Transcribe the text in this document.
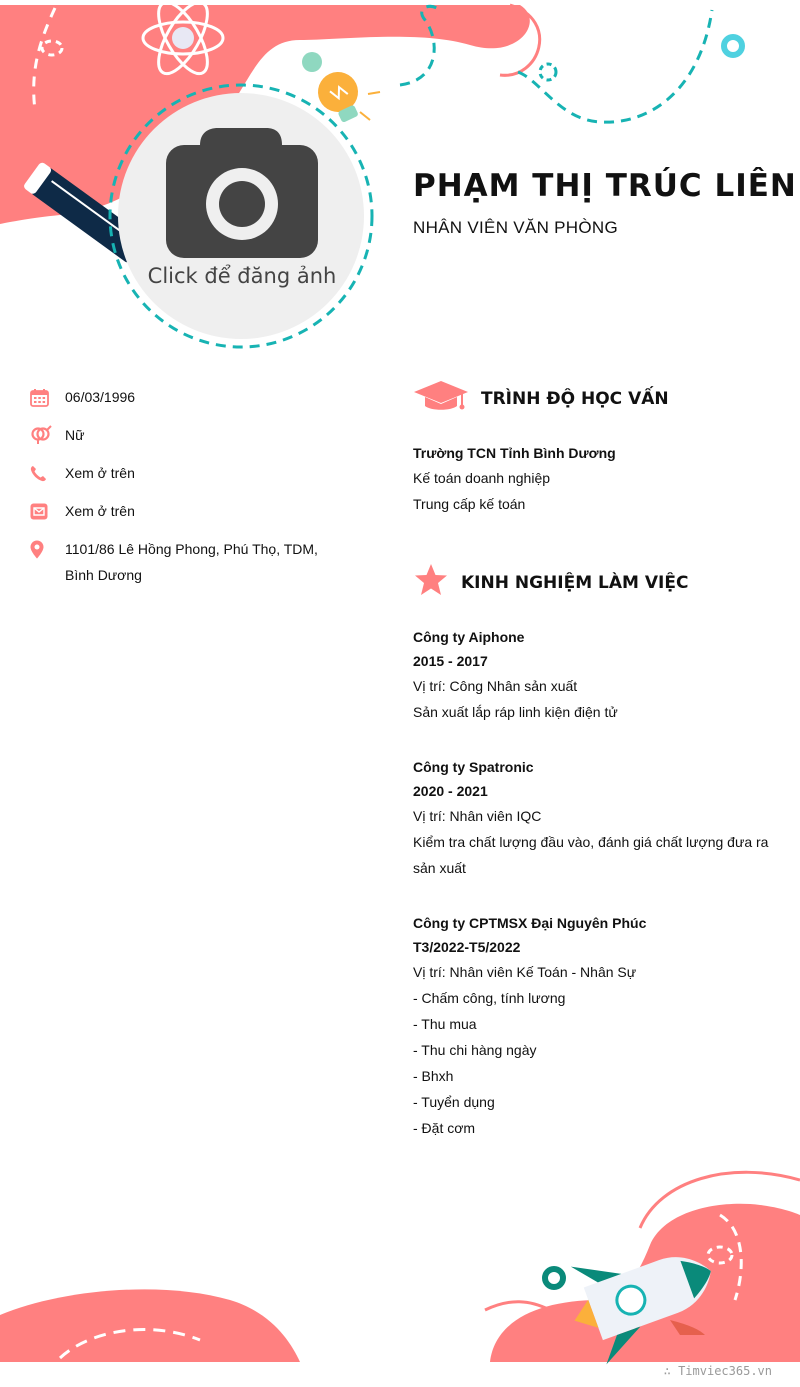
Click để đăng ảnh
PHẠM THỊ TRÚC LIÊN
NHÂN VIÊN VĂN PHÒNG
06/03/1996
Nữ
Xem ở trên
Xem ở trên
1101/86 Lê Hồng Phong, Phú Thọ, TDM, Bình Dương
TRÌNH ĐỘ HỌC VẤN
Trường TCN Tỉnh Bình Dương
Kế toán doanh nghiệp
Trung cấp kế toán
KINH NGHIỆM LÀM VIỆC
Công ty Aiphone
2015 - 2017
Vị trí: Công Nhân sản xuất
Sản xuất lắp ráp linh kiện điện tử
Công ty Spatronic
2020 - 2021
Vị trí: Nhân viên IQC
Kiểm tra chất lượng đầu vào, đánh giá chất lượng đưa ra sản xuất
Công ty CPTMSX Đại Nguyên Phúc
T3/2022-T5/2022
Vị trí: Nhân viên Kế Toán - Nhân Sự
- Chấm công, tính lương
- Thu mua
- Thu chi hàng ngày
- Bhxh
- Tuyển dụng
- Đặt cơm
∴ Timviec365.vn
